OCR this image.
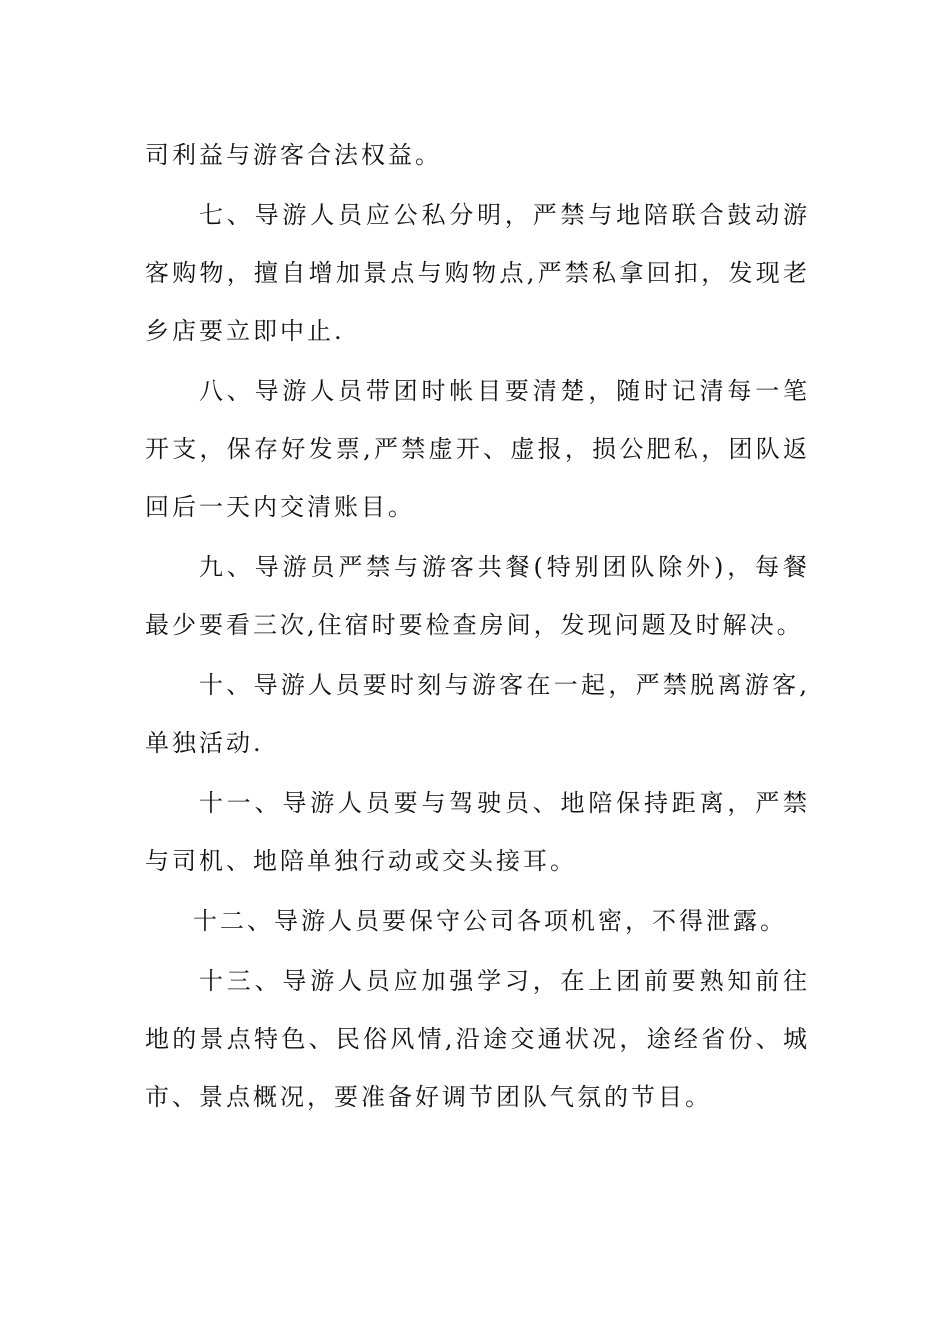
司利益与游客合法权益。

七、导游人员应公私分明，严禁与地陪联合鼓动游客购物，擅自增加景点与购物点,严禁私拿回扣，发现老乡店要立即中止.

八、导游人员带团时帐目要清楚，随时记清每一笔开支，保存好发票,严禁虚开、虚报，损公肥私，团队返回后一天内交清账目。

九、导游员严禁与游客共餐(特别团队除外)，每餐最少要看三次,住宿时要检查房间，发现问题及时解决。

十、导游人员要时刻与游客在一起，严禁脱离游客,单独活动.

十一、导游人员要与驾驶员、地陪保持距离，严禁与司机、地陪单独行动或交头接耳。

十二、导游人员要保守公司各项机密，不得泄露。

十三、导游人员应加强学习，在上团前要熟知前往地的景点特色、民俗风情,沿途交通状况，途经省份、城市、景点概况，要准备好调节团队气氛的节目。
